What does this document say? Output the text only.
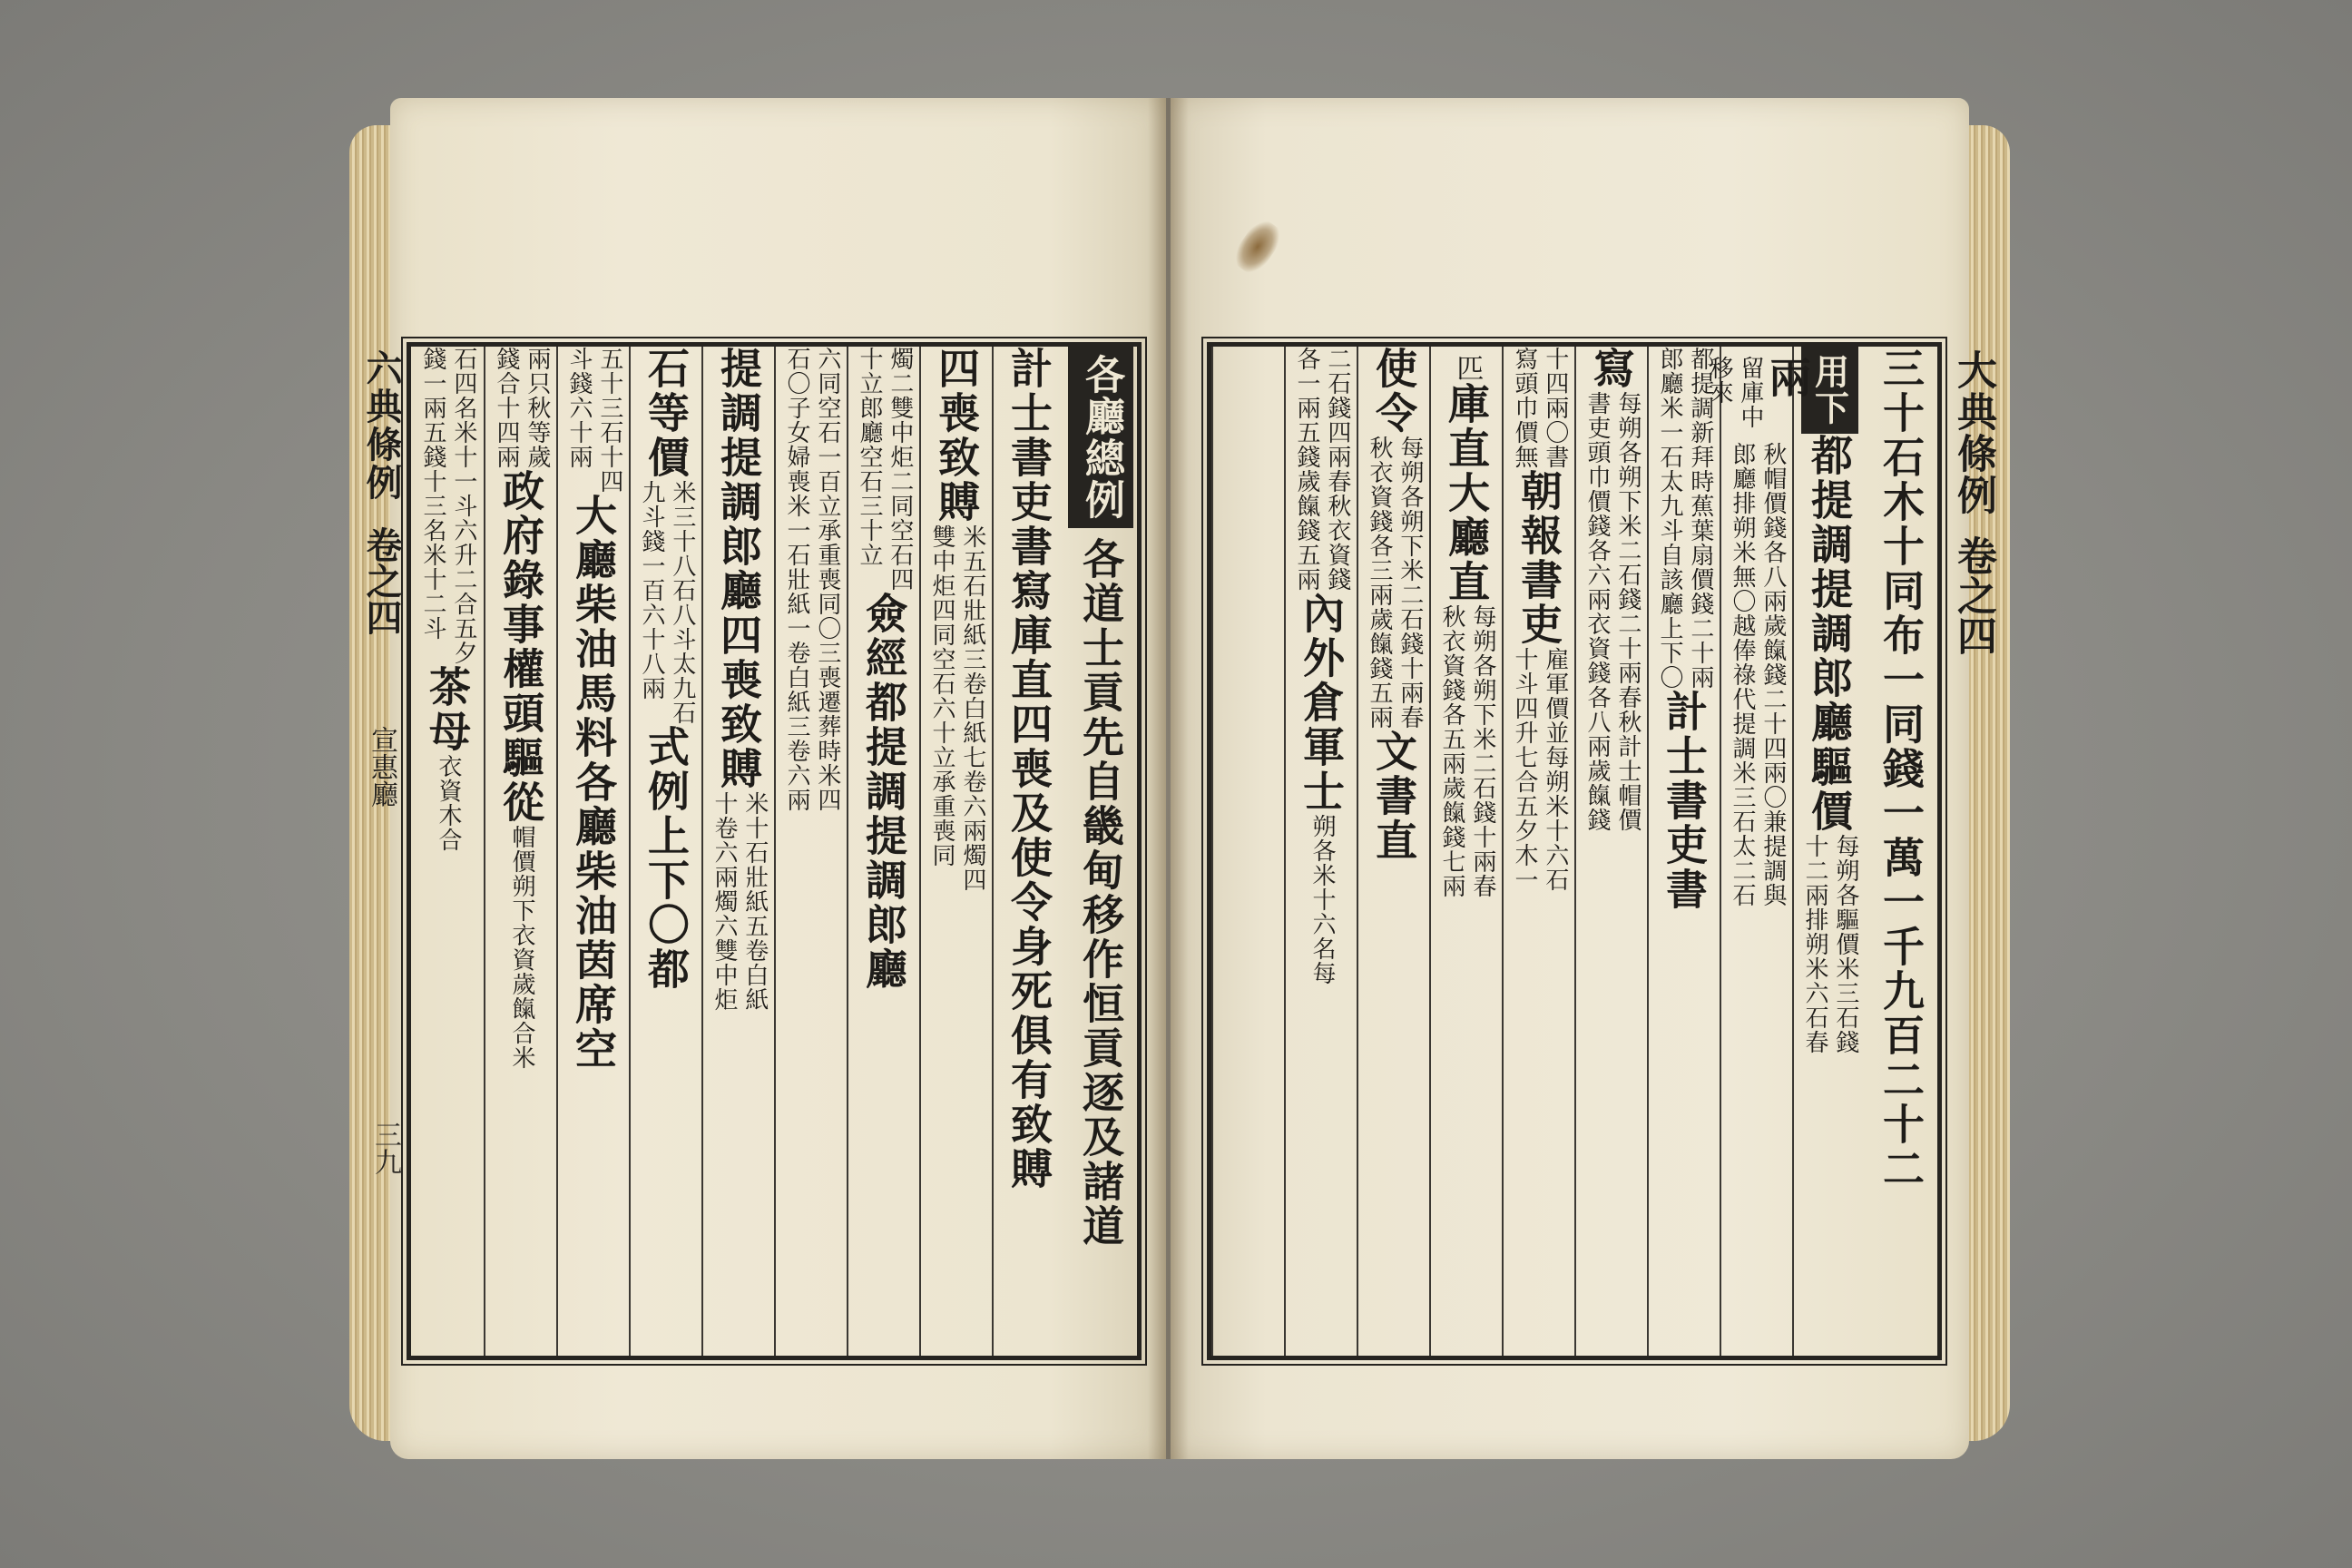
六典條例
卷之四
宣惠廳
三九
各廳總例
各道士貢先自畿甸移作恒貢逐及諸道
計士書吏書寫庫直四喪及使令身死俱有致賻
四喪致賻
米五石壯紙三卷白紙七卷六兩燭四
雙中炬四同空石六十立承重喪同
燭二雙中炬二同空石四
十立郎廳空石三十立
僉經都提調提調郎廳
六同空石一百立承重喪同〇三喪遷葬時米四
石〇子女婦喪米一石壯紙一卷白紙三卷六兩
提調提調郎廳四喪致賻
米十石壯紙五卷白紙
十卷六兩燭六雙中炬
石等價
米三十八石八斗太九石
九斗錢一百六十八兩
式例上下〇都
五十三石十四
斗錢六十兩
大廳柴油馬料各廳柴油茵席空
兩只秋等歲
錢合十四兩
政府錄事權頭驅從
帽價朔下衣資歲餼合米
石四名米十一斗六升二合五夕
錢一兩五錢十三名米十二斗
茶母
衣資木合
大典條例
卷之四
三十石木十同布一同錢一萬一千九百二十二
用下
都提調提調郎廳驅價
每朔各驅價米三石錢
十二兩排朔米六石春
兩
留庫中
移來
秋帽價錢各八兩歲餼錢二十四兩〇兼提調與
郎廳排朔米無〇越俸祿代提調米三石太二石
都提調新拜時蕉葉扇價錢二十兩
郎廳米一石太九斗自該廳上下〇
計士書吏書
寫
每朔各朔下米二石錢二十兩春秋計士帽價
書吏頭巾價錢各六兩衣資錢各八兩歲餼錢
十四兩〇書
寫頭巾價無
朝報書吏
雇軍價並每朔米十六石
十斗四升七合五夕木一
匹
庫直大廳直
每朔各朔下米二石錢十兩春
秋衣資錢各五兩歲餼錢七兩
使令
每朔各朔下米二石錢十兩春
秋衣資錢各三兩歲餼錢五兩
文書直
二石錢四兩春秋衣資錢
各一兩五錢歲餼錢五兩
內外倉軍士
朔各米十六名每
